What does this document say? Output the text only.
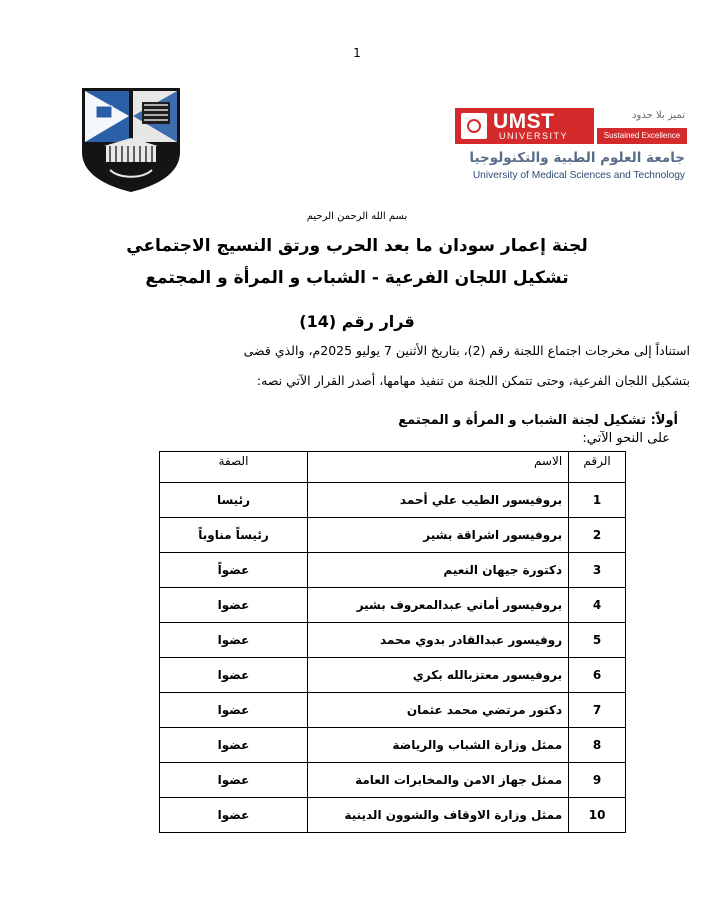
1
UMST
UNIVERSITY
تميز بلا حدود
Sustained Excellence
جامعة العلوم الطبية والتكنولوجيا
University of Medical Sciences and Technology
بسم الله الرحمن الرحيم
لجنة إعمار سودان ما بعد الحرب ورتق النسيج الاجتماعي
تشكيل اللجان الفرعية - الشباب و المرأة و المجتمع
قرار رقم (14)
استناداً إلى مخرجات اجتماع اللجنة رقم (2)، بتاريخ الأثنين 7 يوليو 2025م، والذي قضى
بتشكيل اللجان الفرعية، وحتى تتمكن اللجنة من تنفيذ مهامها، أصدر القرار الآتي نصه:
أولاً: تشكيل لجنة الشباب و المرأة و المجتمع
على النحو الآتي:
الصفة	الاسم	الرقم
رئيسا	بروفيسور الطيب علي أحمد	1
رئيساً مناوباً	بروفيسور اشراقة بشير	2
عضواً	دكتورة جيهان النعيم	3
عضوا	بروفيسور أماني عبدالمعروف بشير	4
عضوا	روفيسور عبدالقادر بدوي محمد	5
عضوا	بروفيسور معتزبالله بكري	6
عضوا	دكتور مرتضي محمد عثمان	7
عضوا	ممثل وزارة الشباب والرياضة	8
عضوا	ممثل جهاز الامن والمخابرات العامة	9
عضوا	ممثل وزارة الاوقاف والشوون الدينية	10
